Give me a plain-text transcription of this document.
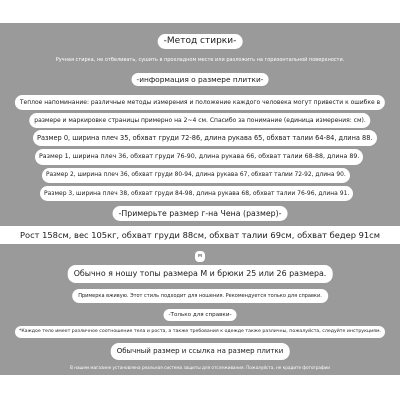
-Метод стирки-
Ручная стирка, не отбеливать, сушить в прохладном месте или разложить на горизонтальной поверхности.
-информация о размере плитки-
Теплое напоминание: различные методы измерения и положение каждого человека могут привести к ошибке в
размере и маркировке страницы примерно на 2~4 см. Спасибо за понимание (единица измерения: см).
Размер 0, ширина плеч 35, обхват груди 72-86, длина рукава 65, обхват талии 64-84, длина 88.
Размер 1, ширина плеч 36, обхват груди 76-90, длина рукава 66, обхват талии 68-88, длина 89.
Размер 2, ширина плеч 36, обхват груди 80-94, длина рукава 67, обхват талии 72-92, длина 90.
Размер 3, ширина плеч 38, обхват груди 84-98, длина рукава 68, обхват талии 76-96, длина 91.
-Примерьте размер г-на Чена (размер)-
Рост 158см, вес 105кг, обхват груди 88см, обхват талии 69см, обхват бедер 91см
м
Обычно я ношу топы размера M и брюки 25 или 26 размера.
Примерка вживую. Этот стиль подходит для ношения. Рекомендуется только для справки.
-Только для справки-
*Каждое тело имеет различное соотношение тела и роста, а также требования к одежде также различны, пожалуйста, следуйте инструкциям.
Обычный размер и ссылка на размер плитки
В нашем магазине установлена реальная система защиты для отслеживания. Пожалуйста, не крадите фотографии
